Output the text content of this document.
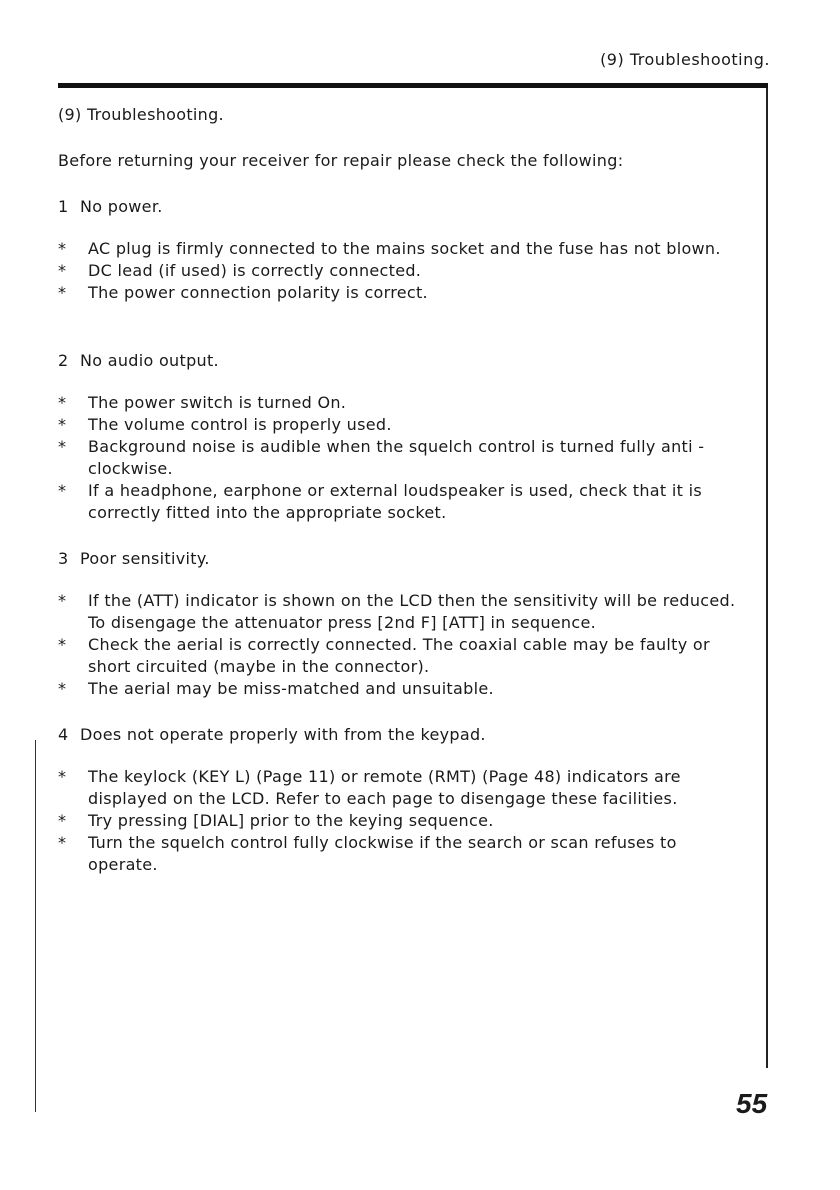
(9) Troubleshooting.
(9) Troubleshooting.

Before returning your receiver for repair please check the following:

1 No power.
*	AC plug is firmly connected to the mains socket and the fuse has not blown.
*	DC lead (if used) is correctly connected.
*	The power connection polarity is correct.
2 No audio output.
*	The power switch is turned On.
*	The volume control is properly used.
*	Background noise is audible when the squelch control is turned fully anti -clockwise.
*	If a headphone, earphone or external loudspeaker is used, check that it is correctly fitted into the appropriate socket.
3 Poor sensitivity.
*	If the (ATT) indicator is shown on the LCD then the sensitivity will be reduced. To disengage the attenuator press [2nd F] [ATT] in sequence.
*	Check the aerial is correctly connected. The coaxial cable may be faulty or short circuited (maybe in the connector).
*	The aerial may be miss-matched and unsuitable.
4 Does not operate properly with from the keypad.
*	The keylock (KEY L) (Page 11) or remote (RMT) (Page 48) indicators are displayed on the LCD. Refer to each page to disengage these facilities.
*	Try pressing [DIAL] prior to the keying sequence.
*	Turn the squelch control fully clockwise if the search or scan refuses to operate.
55
